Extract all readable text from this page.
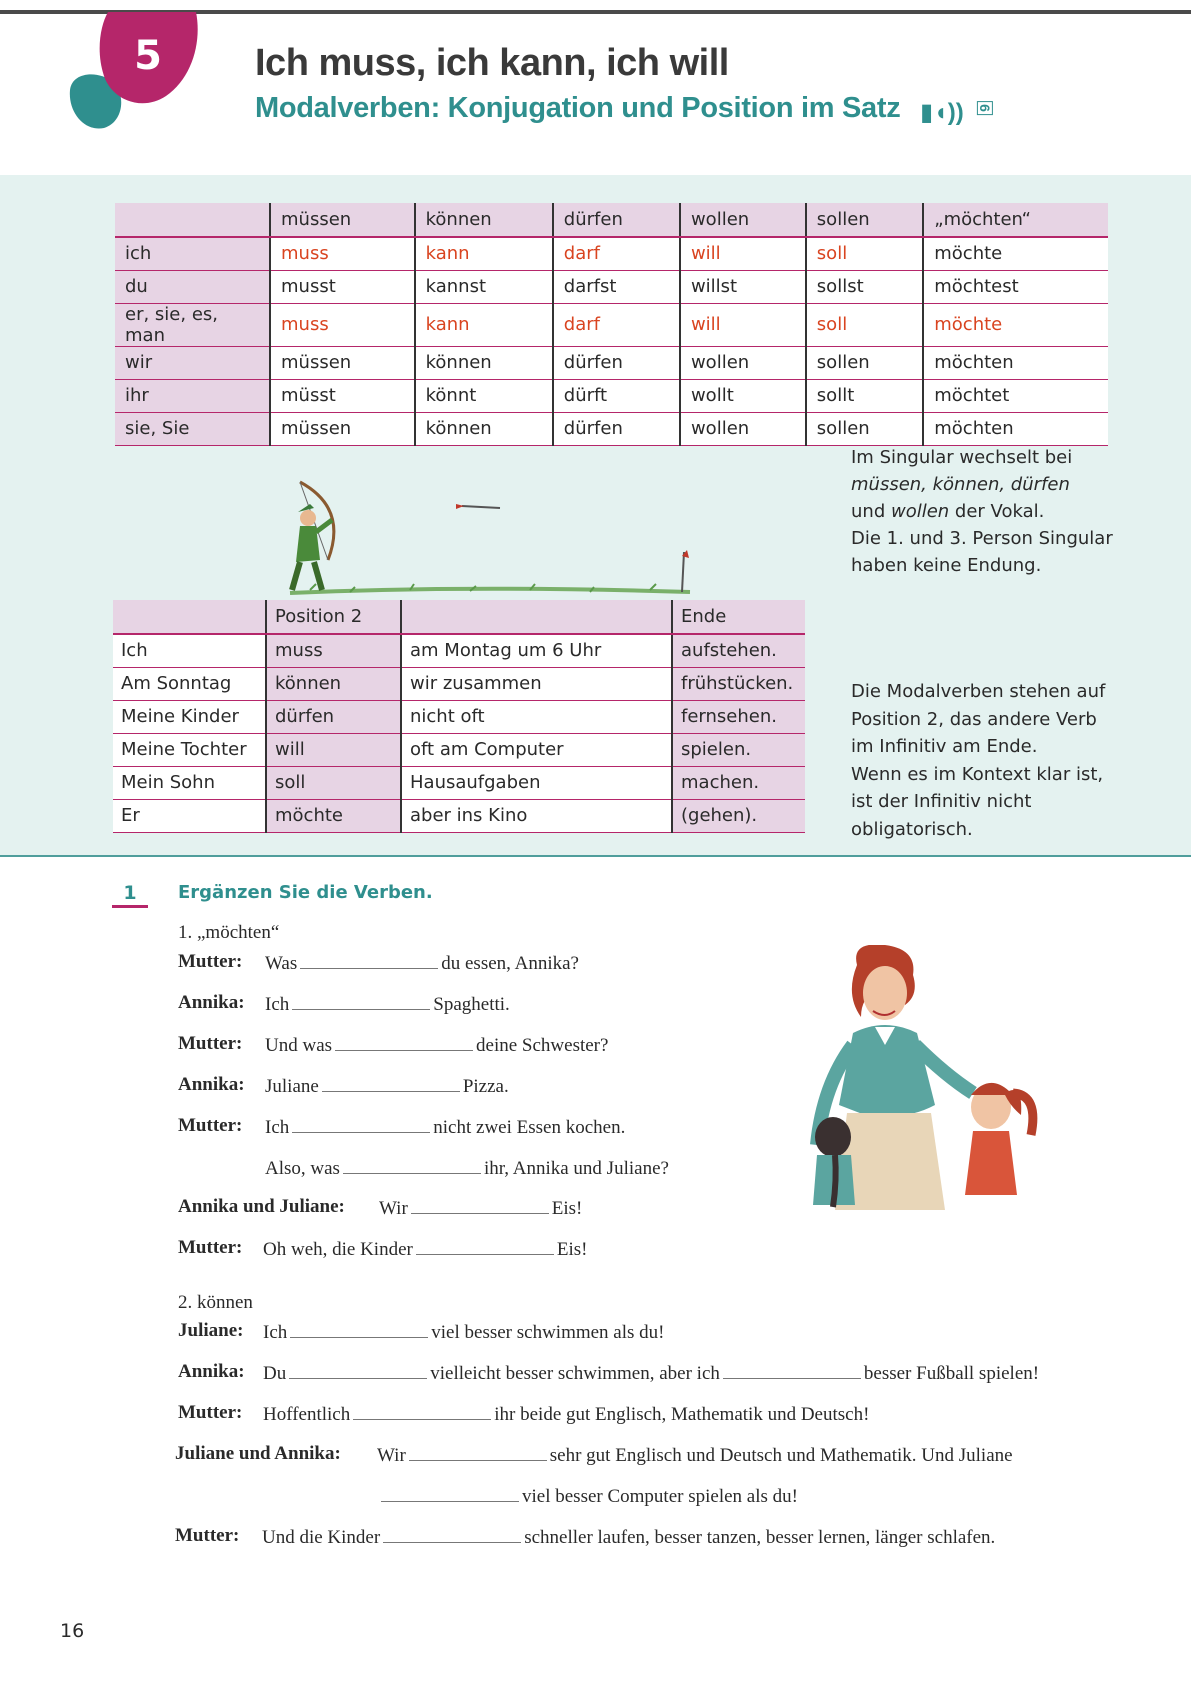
5 Ich muss, ich kann, ich will
Modalverben: Konjugation und Position im Satz ▮◖)) 6
	müssen	können	dürfen	wollen	sollen	„möchten“
ich	muss	kann	darf	will	soll	möchte
du	musst	kannst	darfst	willst	sollst	möchtest
er, sie, es, man	muss	kann	darf	will	soll	möchte
wir	müssen	können	dürfen	wollen	sollen	möchten
ihr	müsst	könnt	dürft	wollt	sollt	möchtet
sie, Sie	müssen	können	dürfen	wollen	sollen	möchten
Im Singular wechselt bei
müssen, können, dürfen
und wollen der Vokal.
Die 1. und 3. Person Singular
haben keine Endung.
	Position 2		Ende
Ich	muss	am Montag um 6 Uhr	aufstehen.
Am Sonntag	können	wir zusammen	frühstücken.
Meine Kinder	dürfen	nicht oft	fernsehen.
Meine Tochter	will	oft am Computer	spielen.
Mein Sohn	soll	Hausaufgaben	machen.
Er	möchte	aber ins Kino	(gehen).
Die Modalverben stehen auf
Position 2, das andere Verb
im Infinitiv am Ende.
Wenn es im Kontext klar ist,
ist der Infinitiv nicht
obligatorisch.
1	Ergänzen Sie die Verben.
1. „möchten“
Mutter: Was	du essen, Annika?
Annika: Ich	Spaghetti.
Mutter: Und was	deine Schwester?
Annika: Juliane	Pizza.
Mutter: Ich	nicht zwei Essen kochen.
Also, was	ihr, Annika und Juliane?
Annika und Juliane: Wir	Eis!
Mutter: Oh weh, die Kinder	Eis!
2. können
Juliane: Ich	viel besser schwimmen als du!
Annika: Du	vielleicht besser schwimmen, aber ich	besser Fußball spielen!
Mutter: Hoffentlich	ihr beide gut Englisch, Mathematik und Deutsch!
Juliane und Annika: Wir	sehr gut Englisch und Deutsch und Mathematik. Und Juliane
viel besser Computer spielen als du!
Mutter: Und die Kinder	schneller laufen, besser tanzen, besser lernen, länger schlafen.
16
